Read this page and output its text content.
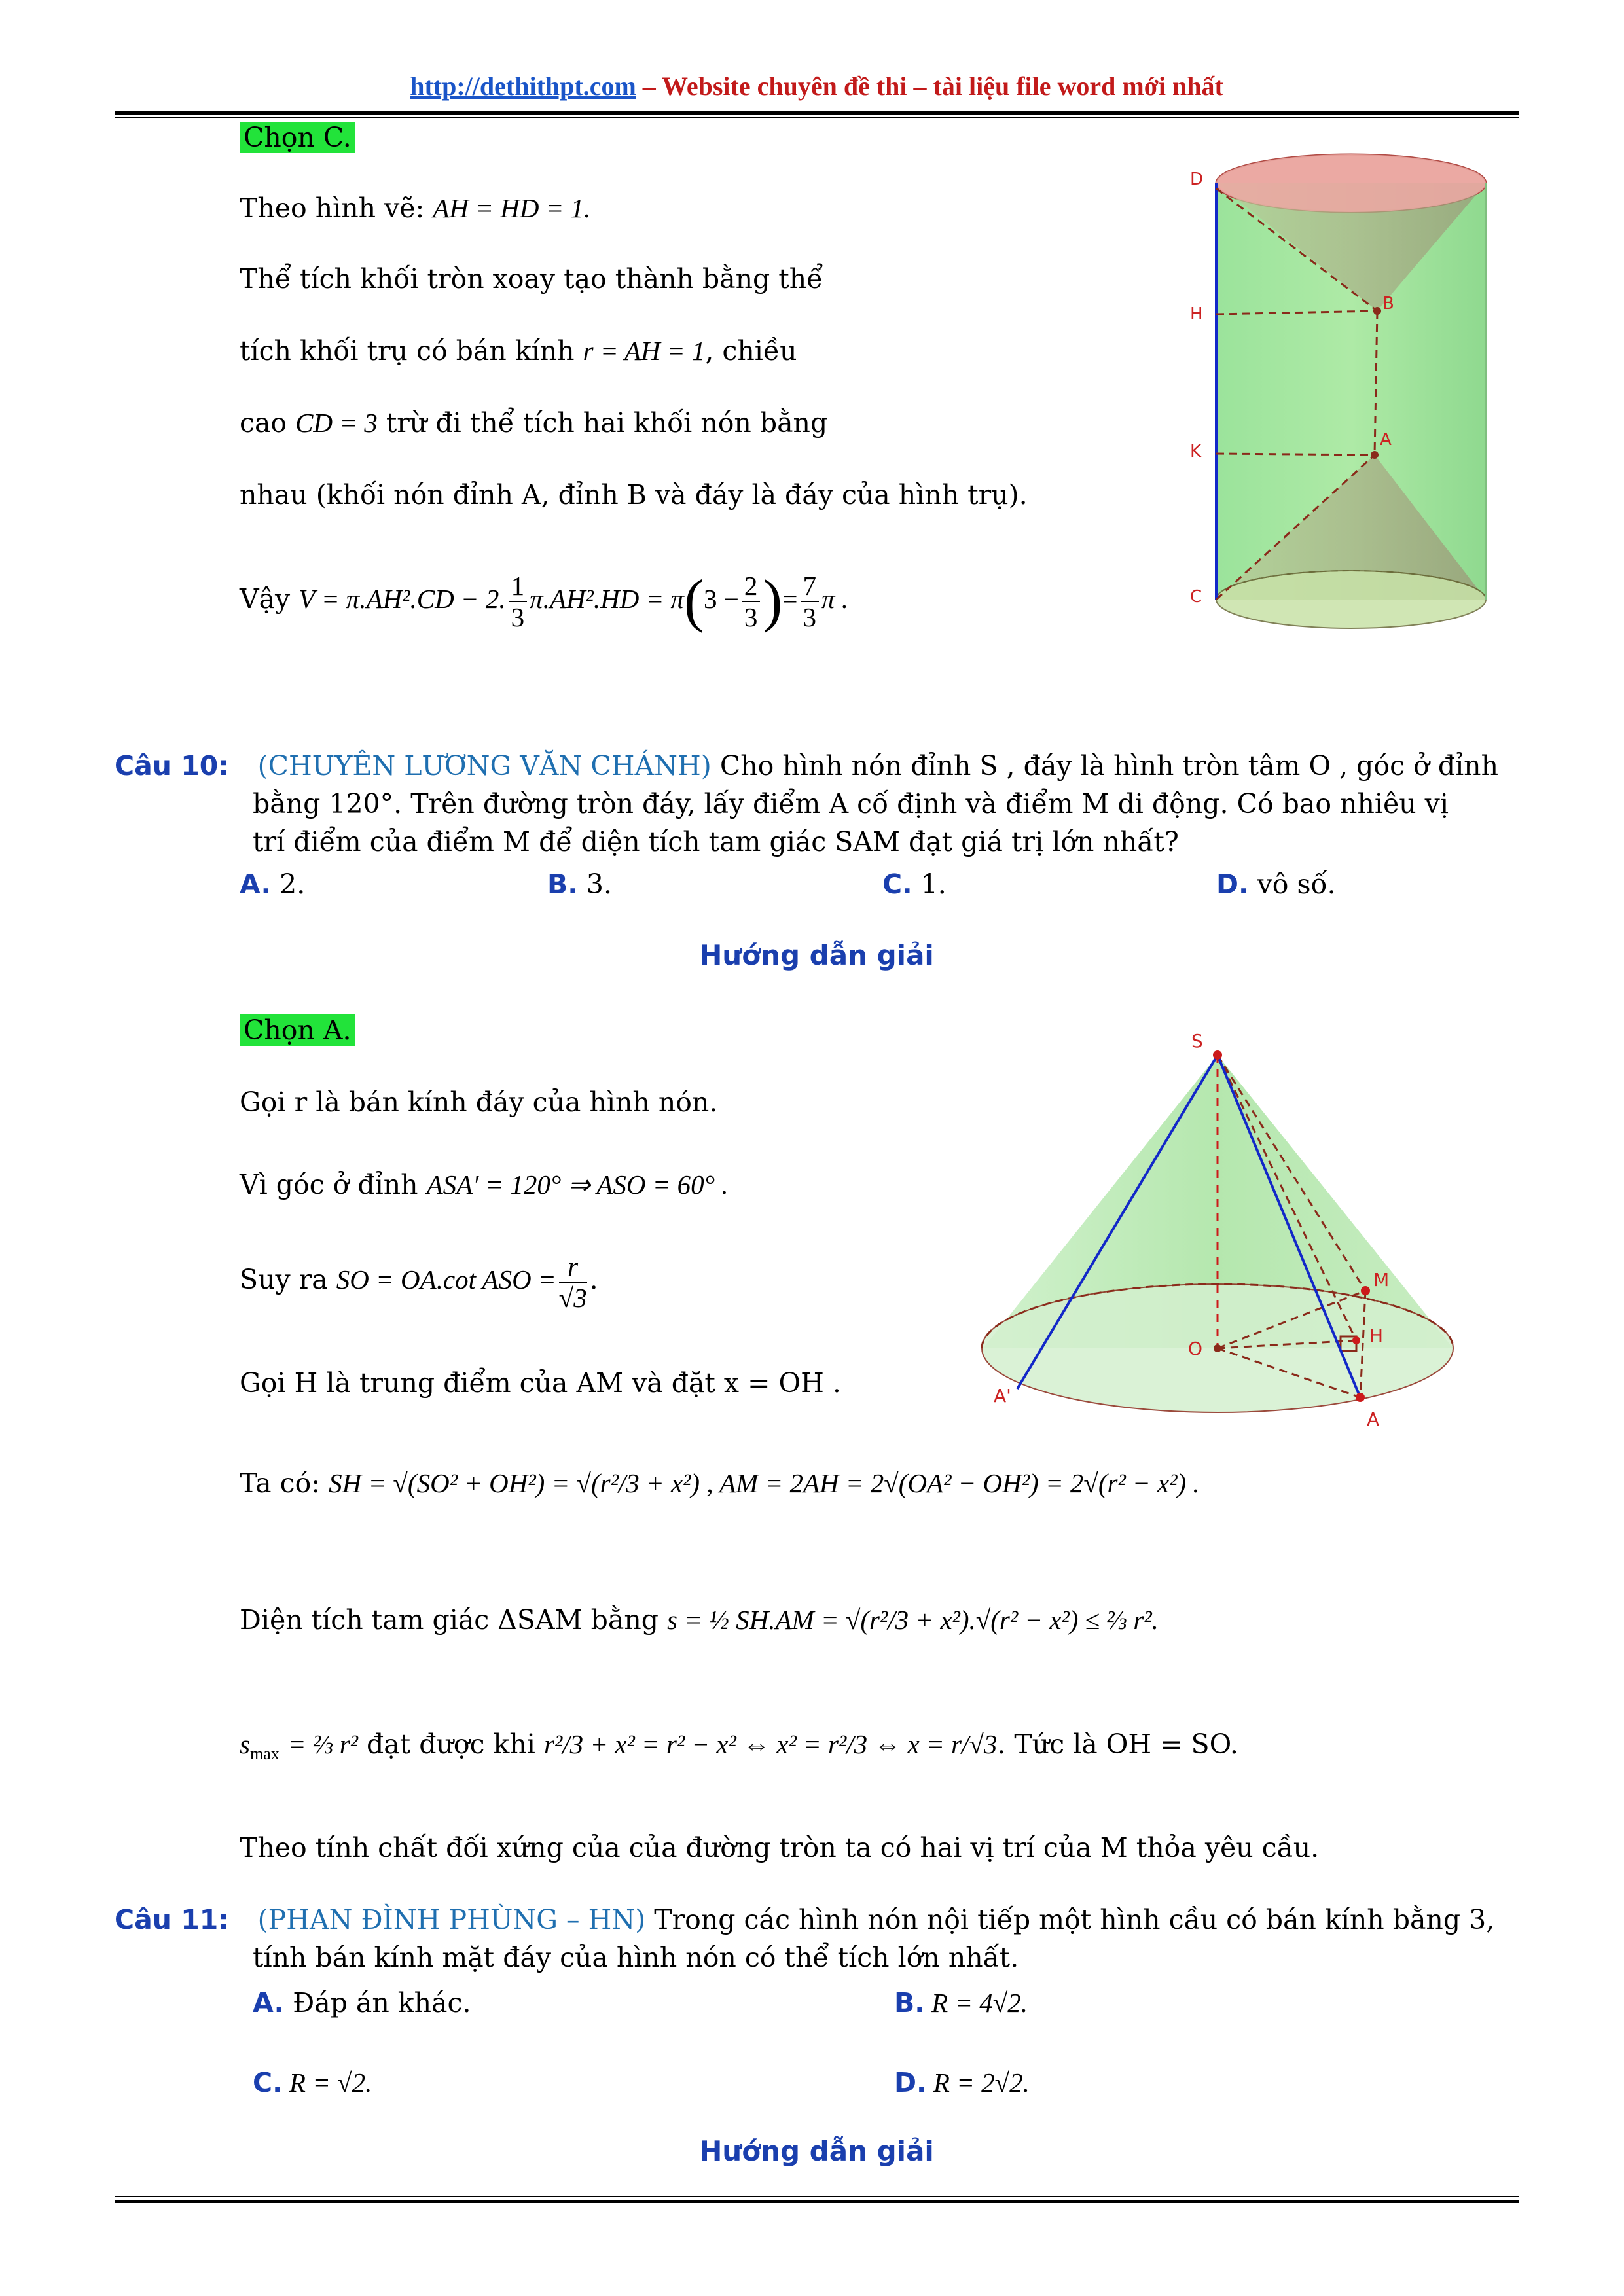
http://dethithpt.com – Website chuyên đề thi – tài liệu file word mới nhất
Chọn C.
Theo hình vẽ: AH = HD = 1.
Thể tích khối tròn xoay tạo thành bằng thể
tích khối trụ có bán kính r = AH = 1, chiều
cao CD = 3 trừ đi thể tích hai khối nón bằng
nhau (khối nón đỉnh A, đỉnh B và đáy là đáy của hình trụ).
Vậy V = π.AH².CD − 2. $\frac{1}{3} \pi.AH^2.HD = \pi(3 - \frac{2}{3}$ )= $\frac{7}{3}$ π .
D
H
B
K
A
C
Câu 10: (CHUYÊN LƯƠNG VĂN CHÁNH) Cho hình nón đỉnh S , đáy là hình tròn tâm O , góc ở đỉnh
bằng 120°. Trên đường tròn đáy, lấy điểm A cố định và điểm M di động. Có bao nhiêu vị
trí điểm của điểm M để diện tích tam giác SAM đạt giá trị lớn nhất?
A. 2.	B. 3.	C. 1.	D. vô số.
Hướng dẫn giải
Chọn A.
Gọi r là bán kính đáy của hình nón.
Vì góc ở đỉnh ASA′ = 120° ⇒ ASO = 60° .
Suy ra SO = OA.cot ASO = $\frac{r}{√3}$ .
Gọi H là trung điểm của AM và đặt x = OH .
Ta có: SH = √(SO² + OH²) = √(r²/3 + x²) , AM = 2AH = 2√(OA² − OH²) = 2√(r² − x²) .
Diện tích tam giác ΔSAM bằng s = ½ SH.AM = √(r²/3 + x²).√(r² − x²) ≤ ⅔ r².
$s_{max}$ = ⅔ r² đạt được khi r²/3 + x² = r² − x² ⇔ x² = r²/3 ⇔ x = r/√3. Tức là OH = SO.
Theo tính chất đối xứng của của đường tròn ta có hai vị trí của M thỏa yêu cầu.
S
M
O
H
A
A'
Câu 11: (PHAN ĐÌNH PHÙNG – HN) Trong các hình nón nội tiếp một hình cầu có bán kính bằng 3,
tính bán kính mặt đáy của hình nón có thể tích lớn nhất.
A. Đáp án khác.	B. R = 4√2.
C. R = √2.	D. R = 2√2.
Hướng dẫn giải
